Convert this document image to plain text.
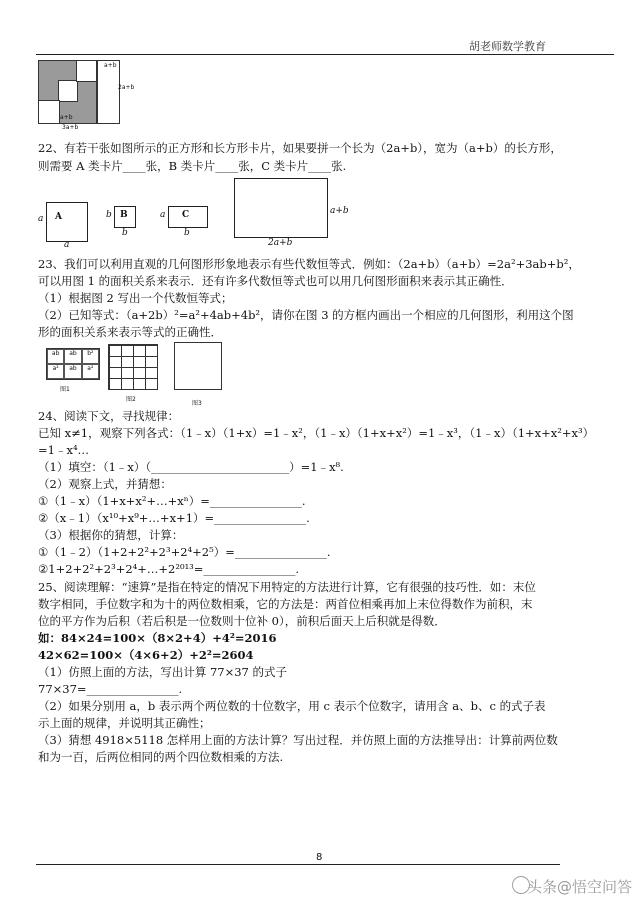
胡老师数学教育
a+b
2a+b
a+b
3a+b
22、有若干张如图所示的正方形和长方形卡片，如果要拼一个长为（2a+b），宽为（a+b）的长方形，
则需要 A 类卡片____张，B 类卡片____张，C 类卡片____张.
A
a
a
B
b
b
C
a
b
a+b
2a+b
23、我们可以利用直观的几何图形形象地表示有些代数恒等式．例如：（2a+b）（a+b）=2a²+3ab+b²，
可以用图 1 的面积关系来表示．还有许多代数恒等式也可以用几何图形面积来表示其正确性．
（1）根据图 2 写出一个代数恒等式；
（2）已知等式：（a+2b）²=a²+4ab+4b²，请你在图 3 的方框内画出一个相应的几何图形，利用这个图
形的面积关系来表示等式的正确性．
ab	ab	b²
a²	ab	a²
图1
图2
图3
24、阅读下文，寻找规律：
已知 x≠1，观察下列各式：（1﹣x）（1+x）=1﹣x²，（1﹣x）（1+x+x²）=1﹣x³，（1﹣x）（1+x+x²+x³）
=1﹣x⁴…
（1）填空：（1﹣x）（________________________）=1﹣x⁸.
（2）观察上式，并猜想：
①（1﹣x）（1+x+x²+…+xⁿ）=________________.
②（x﹣1）（x¹⁰+x⁹+…+x+1）=________________.
（3）根据你的猜想，计算：
①（1﹣2）（1+2+2²+2³+2⁴+2⁵）=________________.
②1+2+2²+2³+2⁴+…+2²⁰¹³=________________.
25、阅读理解：“速算”是指在特定的情况下用特定的方法进行计算，它有很强的技巧性．如：末位
数字相同，手位数字和为十的两位数相乘，它的方法是：两首位相乘再加上末位得数作为前积，末
位的平方作为后积（若后积是一位数则十位补 0），前积后面天上后积就是得数．
如：84×24=100×（8×2+4）+4²=2016
42×62=100×（4×6+2）+2²=2604
（1）仿照上面的方法，写出计算 77×37 的式子
77×37=________________.
（2）如果分别用 a，b 表示两个两位数的十位数字，用 c 表示个位数字，请用含 a、b、c 的式子表
示上面的规律，并说明其正确性；
（3）猜想 4918×5118 怎样用上面的方法计算？写出过程．并仿照上面的方法推导出：计算前两位数
和为一百，后两位相同的两个四位数相乘的方法.
8
头条@悟空问答
